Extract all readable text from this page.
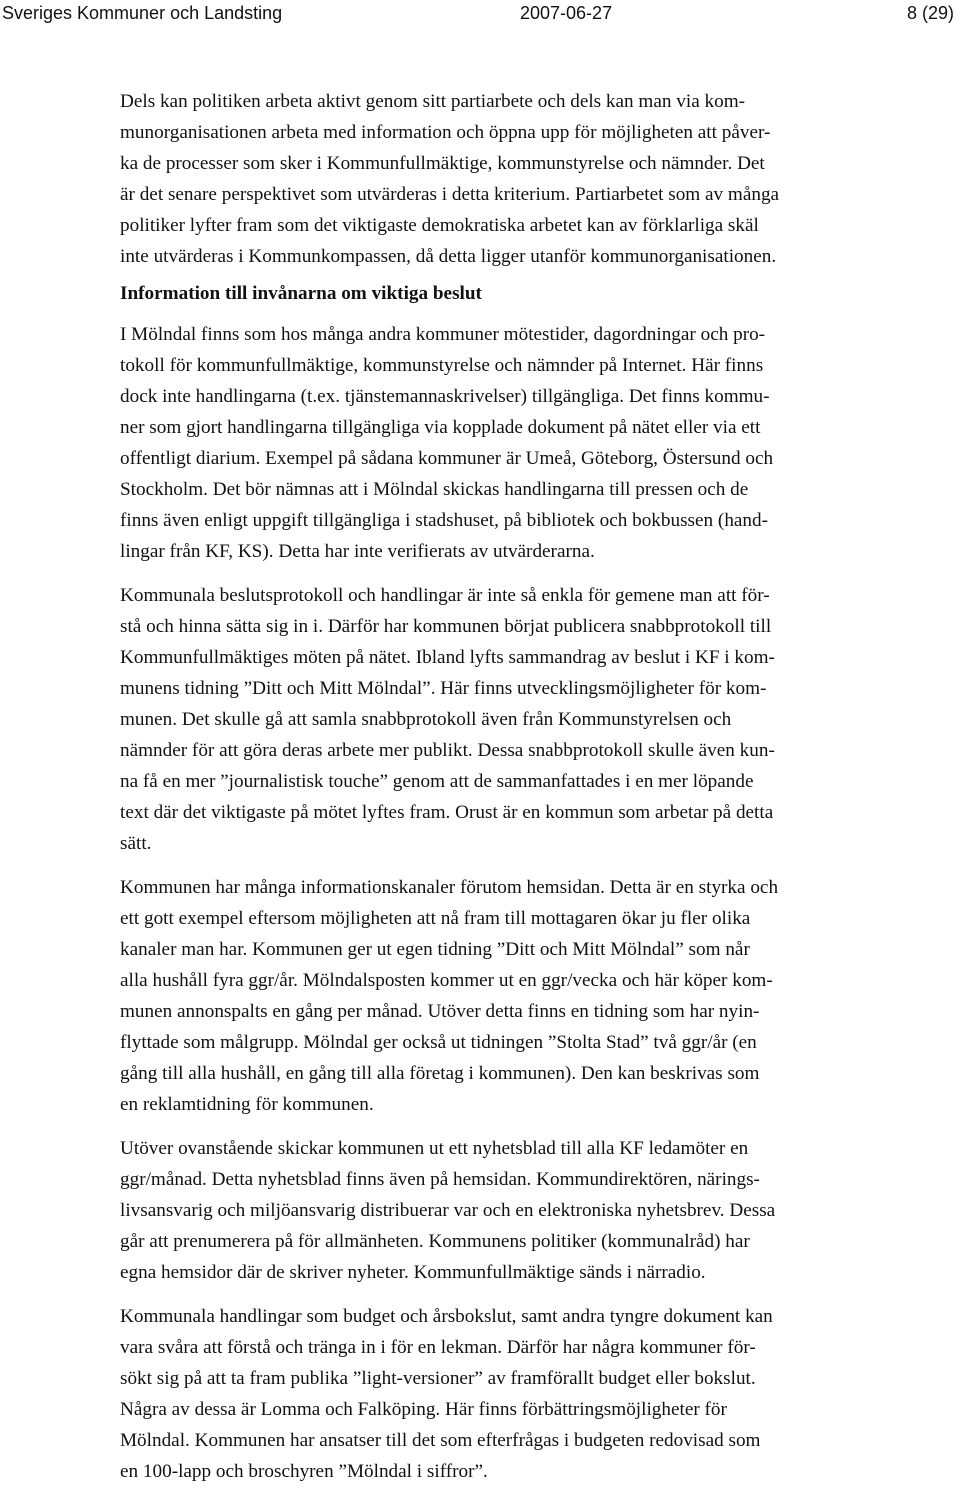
Sveriges Kommuner och Landsting	2007-06-27	8 (29)

Dels kan politiken arbeta aktivt genom sitt partiarbete och dels kan man via kom-
munorganisationen arbeta med information och öppna upp för möjligheten att påver-
ka de processer som sker i Kommunfullmäktige, kommunstyrelse och nämnder. Det
är det senare perspektivet som utvärderas i detta kriterium. Partiarbetet som av många
politiker lyfter fram som det viktigaste demokratiska arbetet kan av förklarliga skäl
inte utvärderas i Kommunkompassen, då detta ligger utanför kommunorganisationen.

Information till invånarna om viktiga beslut

I Mölndal finns som hos många andra kommuner mötestider, dagordningar och pro-
tokoll för kommunfullmäktige, kommunstyrelse och nämnder på Internet. Här finns
dock inte handlingarna (t.ex. tjänstemannaskrivelser) tillgängliga. Det finns kommu-
ner som gjort handlingarna tillgängliga via kopplade dokument på nätet eller via ett
offentligt diarium. Exempel på sådana kommuner är Umeå, Göteborg, Östersund och
Stockholm. Det bör nämnas att i Mölndal skickas handlingarna till pressen och de
finns även enligt uppgift tillgängliga i stadshuset, på bibliotek och bokbussen (hand-
lingar från KF, KS). Detta har inte verifierats av utvärderarna.

Kommunala beslutsprotokoll och handlingar är inte så enkla för gemene man att för-
stå och hinna sätta sig in i. Därför har kommunen börjat publicera snabbprotokoll till
Kommunfullmäktiges möten på nätet. Ibland lyfts sammandrag av beslut i KF i kom-
munens tidning ”Ditt och Mitt Mölndal”. Här finns utvecklingsmöjligheter för kom-
munen. Det skulle gå att samla snabbprotokoll även från Kommunstyrelsen och
nämnder för att göra deras arbete mer publikt. Dessa snabbprotokoll skulle även kun-
na få en mer ”journalistisk touche” genom att de sammanfattades i en mer löpande
text där det viktigaste på mötet lyftes fram. Orust är en kommun som arbetar på detta
sätt.

Kommunen har många informationskanaler förutom hemsidan. Detta är en styrka och
ett gott exempel eftersom möjligheten att nå fram till mottagaren ökar ju fler olika
kanaler man har. Kommunen ger ut egen tidning ”Ditt och Mitt Mölndal” som når
alla hushåll fyra ggr/år. Mölndalsposten kommer ut en ggr/vecka och här köper kom-
munen annonspalts en gång per månad. Utöver detta finns en tidning som har nyin-
flyttade som målgrupp. Mölndal ger också ut tidningen ”Stolta Stad” två ggr/år (en
gång till alla hushåll, en gång till alla företag i kommunen). Den kan beskrivas som
en reklamtidning för kommunen.

Utöver ovanstående skickar kommunen ut ett nyhetsblad till alla KF ledamöter en
ggr/månad. Detta nyhetsblad finns även på hemsidan. Kommundirektören, närings-
livsansvarig och miljöansvarig distribuerar var och en elektroniska nyhetsbrev. Dessa
går att prenumerera på för allmänheten. Kommunens politiker (kommunalråd) har
egna hemsidor där de skriver nyheter. Kommunfullmäktige sänds i närradio.

Kommunala handlingar som budget och årsbokslut, samt andra tyngre dokument kan
vara svåra att förstå och tränga in i för en lekman. Därför har några kommuner för-
sökt sig på att ta fram publika ”light-versioner” av framförallt budget eller bokslut.
Några av dessa är Lomma och Falköping. Här finns förbättringsmöjligheter för
Mölndal. Kommunen har ansatser till det som efterfrågas i budgeten redovisad som
en 100-lapp och broschyren ”Mölndal i siffror”.
